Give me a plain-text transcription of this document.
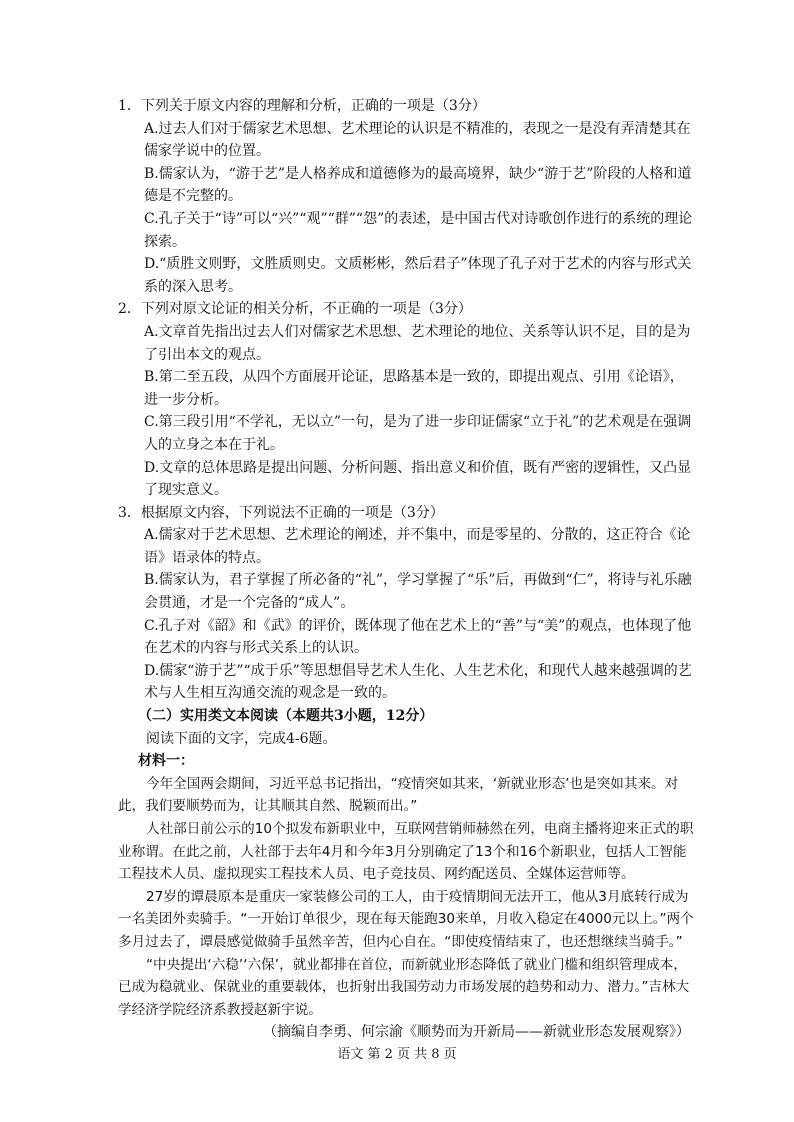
1．下列关于原文内容的理解和分析，正确的一项是（3分）

A.过去人们对于儒家艺术思想、艺术理论的认识是不精准的，表现之一是没有弄清楚其在儒家学说中的位置。

B.儒家认为，“游于艺”是人格养成和道德修为的最高境界，缺少“游于艺”阶段的人格和道德是不完整的。

C.孔子关于“诗”可以“兴”“观”“群”“怨”的表述，是中国古代对诗歌创作进行的系统的理论探索。

D.“质胜文则野，文胜质则史。文质彬彬，然后君子”体现了孔子对于艺术的内容与形式关系的深入思考。

2．下列对原文论证的相关分析，不正确的一项是（3分）

A.文章首先指出过去人们对儒家艺术思想、艺术理论的地位、关系等认识不足，目的是为了引出本文的观点。

B.第二至五段，从四个方面展开论证，思路基本是一致的，即提出观点、引用《论语》，进一步分析。

C.第三段引用“不学礼，无以立”一句，是为了进一步印证儒家“立于礼”的艺术观是在强调人的立身之本在于礼。

D.文章的总体思路是提出问题、分析问题、指出意义和价值，既有严密的逻辑性，又凸显了现实意义。

3．根据原文内容，下列说法不正确的一项是（3分）

A.儒家对于艺术思想、艺术理论的阐述，并不集中，而是零星的、分散的，这正符合《论语》语录体的特点。

B.儒家认为，君子掌握了所必备的“礼”，学习掌握了“乐”后，再做到“仁”，将诗与礼乐融会贯通，才是一个完备的“成人”。

C.孔子对《韶》和《武》的评价，既体现了他在艺术上的“善”与“美”的观点，也体现了他在艺术的内容与形式关系上的认识。

D.儒家“游于艺”“成于乐”等思想倡导艺术人生化、人生艺术化，和现代人越来越强调的艺术与人生相互沟通交流的观念是一致的。

（二）实用类文本阅读（本题共3小题，12分）

阅读下面的文字，完成4-6题。

材料一：

今年全国两会期间，习近平总书记指出，“疫情突如其来，‘新就业形态’也是突如其来。对此，我们要顺势而为，让其顺其自然、脱颖而出。”

人社部日前公示的10个拟发布新职业中，互联网营销师赫然在列，电商主播将迎来正式的职业称谓。在此之前，人社部于去年4月和今年3月分别确定了13个和16个新职业，包括人工智能工程技术人员、虚拟现实工程技术人员、电子竞技员、网约配送员、全媒体运营师等。

27岁的谭晨原本是重庆一家装修公司的工人，由于疫情期间无法开工，他从3月底转行成为一名美团外卖骑手。“一开始订单很少，现在每天能跑30来单，月收入稳定在4000元以上。”两个多月过去了，谭晨感觉做骑手虽然辛苦，但内心自在。“即使疫情结束了，也还想继续当骑手。”

“中央提出‘六稳’‘六保’，就业都排在首位，而新就业形态降低了就业门槛和组织管理成本，已成为稳就业、保就业的重要载体，也折射出我国劳动力市场发展的趋势和动力、潜力。”吉林大学经济学院经济系教授赵新宇说。

（摘编自李勇、何宗渝《顺势而为开新局——新就业形态发展观察》）

语文 第 2 页 共 8 页
